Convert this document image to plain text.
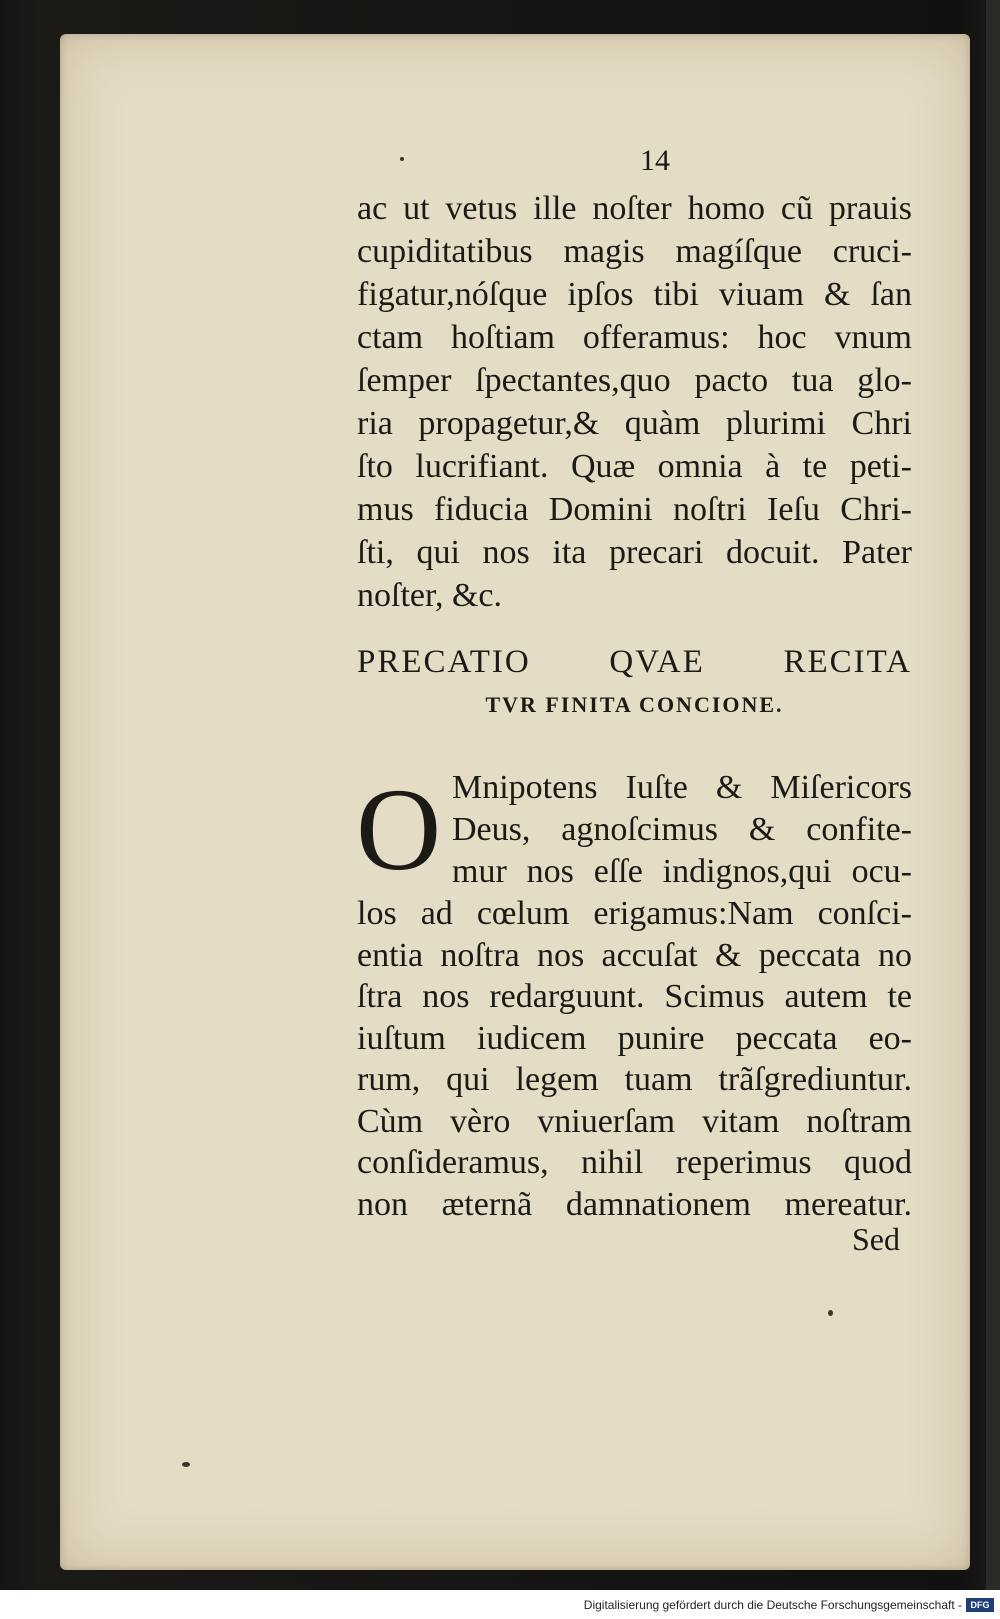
14
ac ut vetus ille noſter homo cũ prauis
cupiditatibus magis magíſque cruci-
figatur,nóſque ipſos tibi viuam & ſan
ctam hoſtiam offeramus: hoc vnum
ſemper ſpectantes,quo pacto tua glo-
ria propagetur,& quàm plurimi Chri
ſto lucrifiant. Quæ omnia à te peti-
mus fiducia Domini noſtri Ieſu Chri-
ſti, qui nos ita precari docuit. Pater
noſter, &c.
PRECATIO QVAE RECITA
TVR FINITA CONCIONE.
O Mnipotens Iuſte & Miſericors
Deus, agnoſcimus & confite-
mur nos eſſe indignos,qui ocu-
los ad cœlum erigamus:Nam conſci-
entia noſtra nos accuſat & peccata no
ſtra nos redarguunt. Scimus autem te
iuſtum iudicem punire peccata eo-
rum, qui legem tuam trãſgrediuntur.
Cùm vèro vniuerſam vitam noſtram
conſideramus, nihil reperimus quod
non æternã damnationem mereatur.
Sed
Digitalisierung gefördert durch die Deutsche Forschungsgemeinschaft - DFG
